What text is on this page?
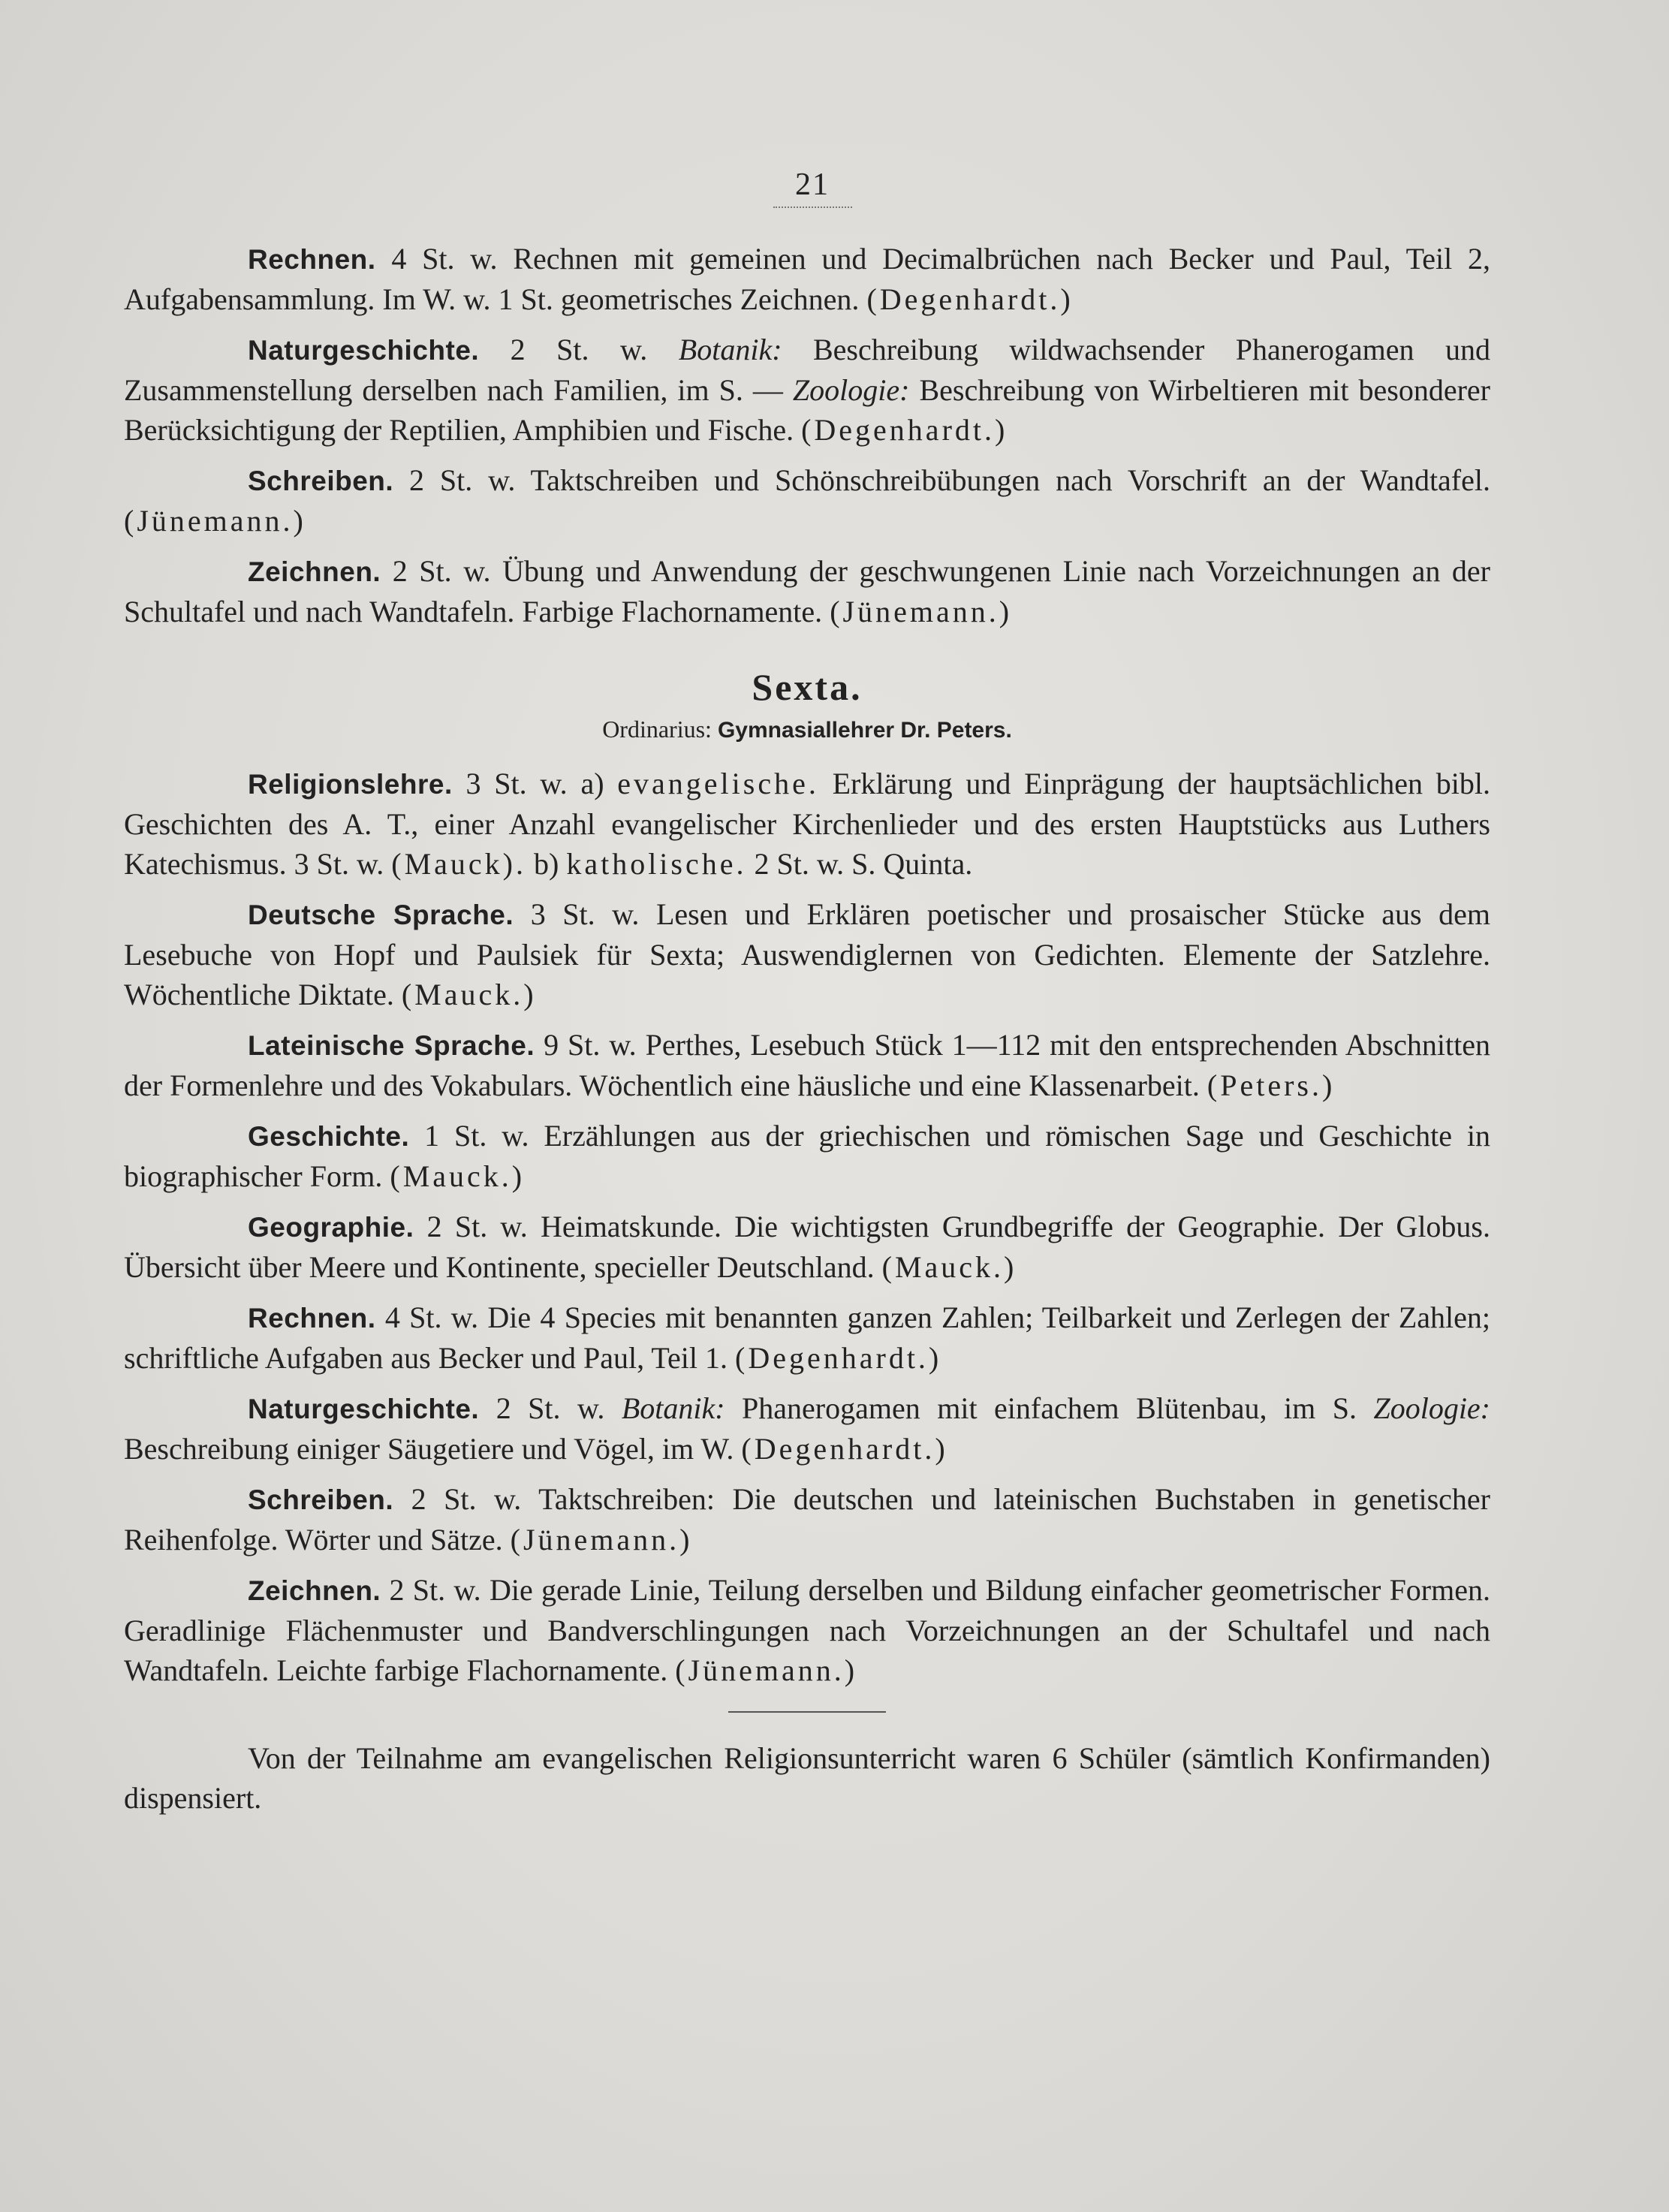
21

Rechnen. 4 St. w. Rechnen mit gemeinen und Decimalbrüchen nach Becker und Paul, Teil 2, Aufgabensammlung. Im W. w. 1 St. geometrisches Zeichnen. (Degenhardt.)

Naturgeschichte. 2 St. w. Botanik: Beschreibung wildwachsender Phanerogamen und Zusammenstellung derselben nach Familien, im S. — Zoologie: Beschreibung von Wirbeltieren mit besonderer Berücksichtigung der Reptilien, Amphibien und Fische. (Degenhardt.)

Schreiben. 2 St. w. Taktschreiben und Schönschreibübungen nach Vorschrift an der Wandtafel. (Jünemann.)

Zeichnen. 2 St. w. Übung und Anwendung der geschwungenen Linie nach Vorzeichnungen an der Schultafel und nach Wandtafeln. Farbige Flachornamente. (Jünemann.)

Sexta.
Ordinarius: Gymnasiallehrer Dr. Peters.

Religionslehre. 3 St. w. a) evangelische. Erklärung und Einprägung der hauptsächlichen bibl. Geschichten des A. T., einer Anzahl evangelischer Kirchenlieder und des ersten Hauptstücks aus Luthers Katechismus. 3 St. w. (Mauck). b) katholische. 2 St. w. S. Quinta.

Deutsche Sprache. 3 St. w. Lesen und Erklären poetischer und prosaischer Stücke aus dem Lesebuche von Hopf und Paulsiek für Sexta; Auswendiglernen von Gedichten. Elemente der Satzlehre. Wöchentliche Diktate. (Mauck.)

Lateinische Sprache. 9 St. w. Perthes, Lesebuch Stück 1—112 mit den entsprechenden Abschnitten der Formenlehre und des Vokabulars. Wöchentlich eine häusliche und eine Klassenarbeit. (Peters.)

Geschichte. 1 St. w. Erzählungen aus der griechischen und römischen Sage und Geschichte in biographischer Form. (Mauck.)

Geographie. 2 St. w. Heimatskunde. Die wichtigsten Grundbegriffe der Geographie. Der Globus. Übersicht über Meere und Kontinente, specieller Deutschland. (Mauck.)

Rechnen. 4 St. w. Die 4 Species mit benannten ganzen Zahlen; Teilbarkeit und Zerlegen der Zahlen; schriftliche Aufgaben aus Becker und Paul, Teil 1. (Degenhardt.)

Naturgeschichte. 2 St. w. Botanik: Phanerogamen mit einfachem Blütenbau, im S. Zoologie: Beschreibung einiger Säugetiere und Vögel, im W. (Degenhardt.)

Schreiben. 2 St. w. Taktschreiben: Die deutschen und lateinischen Buchstaben in genetischer Reihenfolge. Wörter und Sätze. (Jünemann.)

Zeichnen. 2 St. w. Die gerade Linie, Teilung derselben und Bildung einfacher geometrischer Formen. Geradlinige Flächenmuster und Bandverschlingungen nach Vorzeichnungen an der Schultafel und nach Wandtafeln. Leichte farbige Flachornamente. (Jünemann.)

Von der Teilnahme am evangelischen Religionsunterricht waren 6 Schüler (sämtlich Konfirmanden) dispensiert.
